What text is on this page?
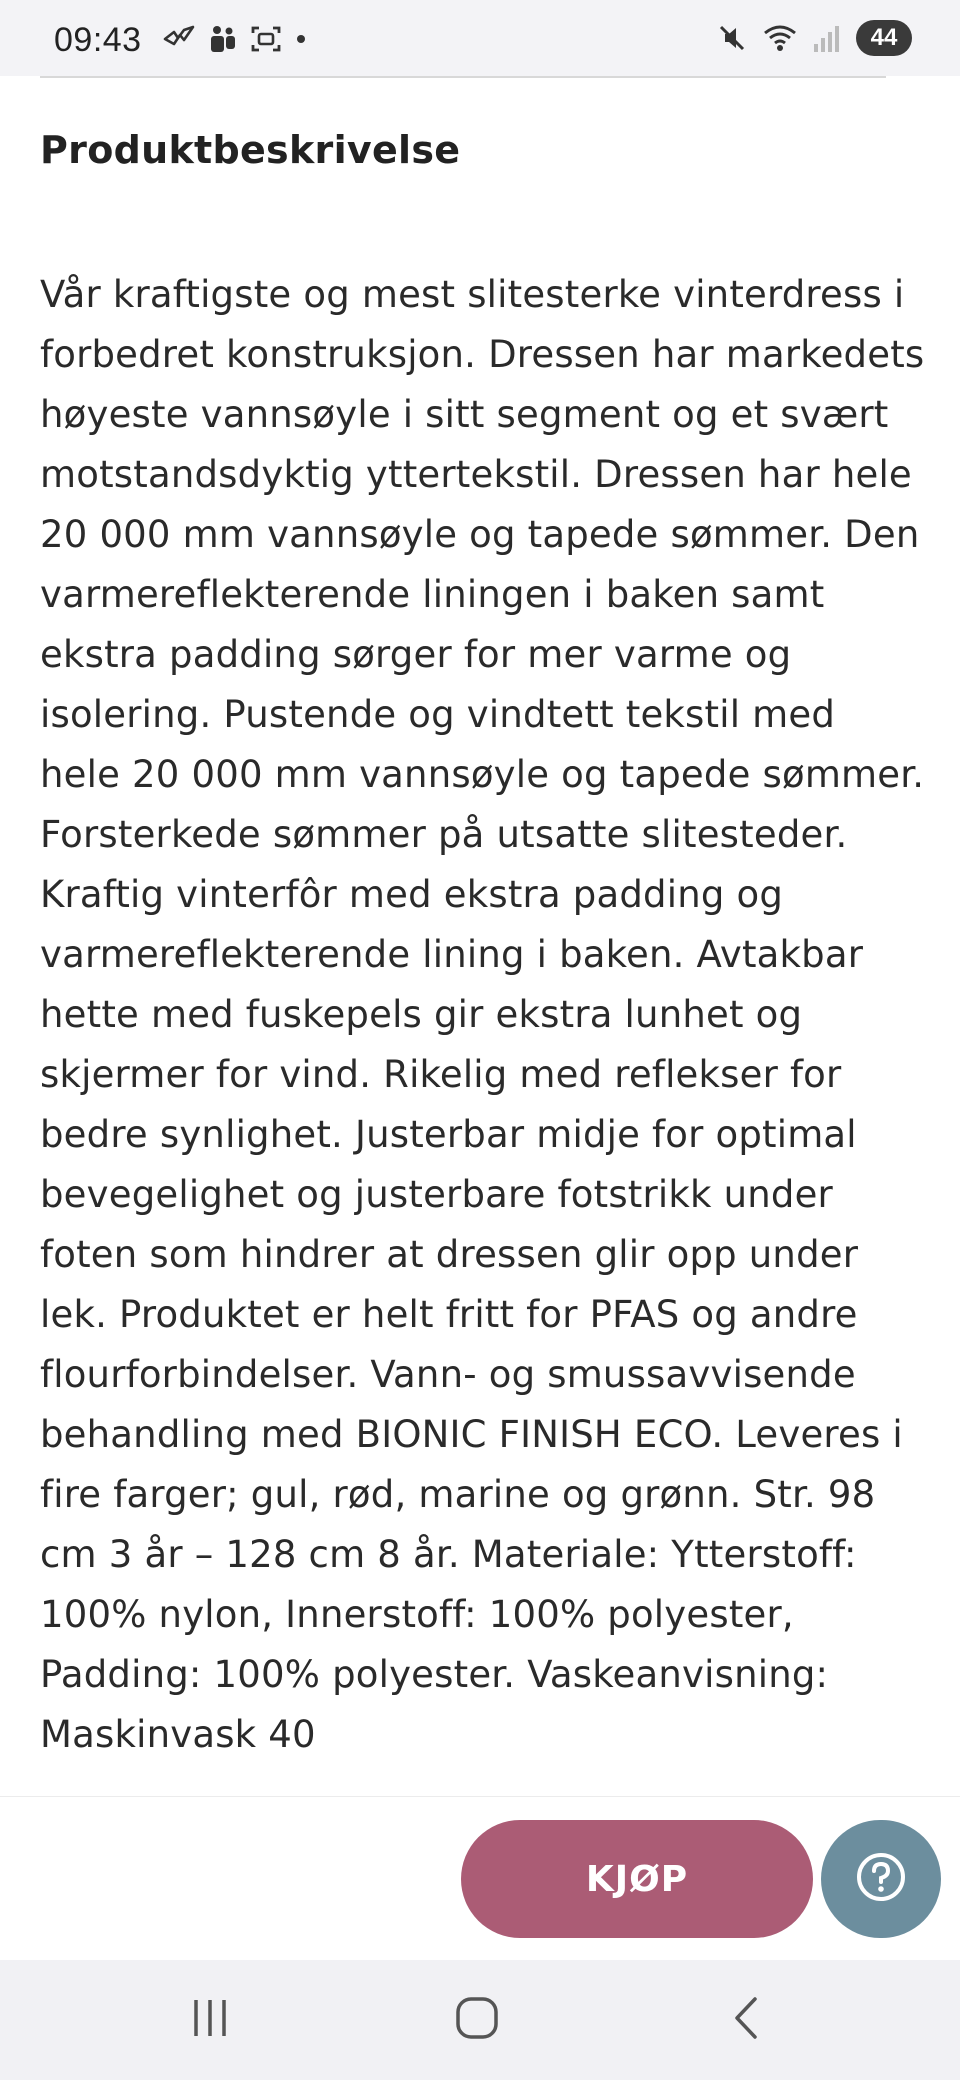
09:43	44
Produktbeskrivelse
Vår kraftigste og mest slitesterke vinterdress i forbedret konstruksjon. Dressen har markedets høyeste vannsøyle i sitt segment og et svært motstandsdyktig yttertekstil. Dressen har hele 20 000 mm vannsøyle og tapede sømmer. Den varmereflekterende liningen i baken samt ekstra padding sørger for mer varme og isolering. Pustende og vindtett tekstil med hele 20 000 mm vannsøyle og tapede sømmer. Forsterkede sømmer på utsatte slitesteder. Kraftig vinterfôr med ekstra padding og varmereflekterende lining i baken. Avtakbar hette med fuskepels gir ekstra lunhet og skjermer for vind. Rikelig med reflekser for bedre synlighet. Justerbar midje for optimal bevegelighet og justerbare fotstrikk under foten som hindrer at dressen glir opp under lek. Produktet er helt fritt for PFAS og andre flourforbindelser. Vann- og smussavvisende behandling med BIONIC FINISH ECO. Leveres i fire farger; gul, rød, marine og grønn. Str. 98 cm 3 år – 128 cm 8 år. Materiale: Ytterstoff: 100% nylon, Innerstoff: 100% polyester, Padding: 100% polyester. Vaskeanvisning: Maskinvask 40
KJØP
